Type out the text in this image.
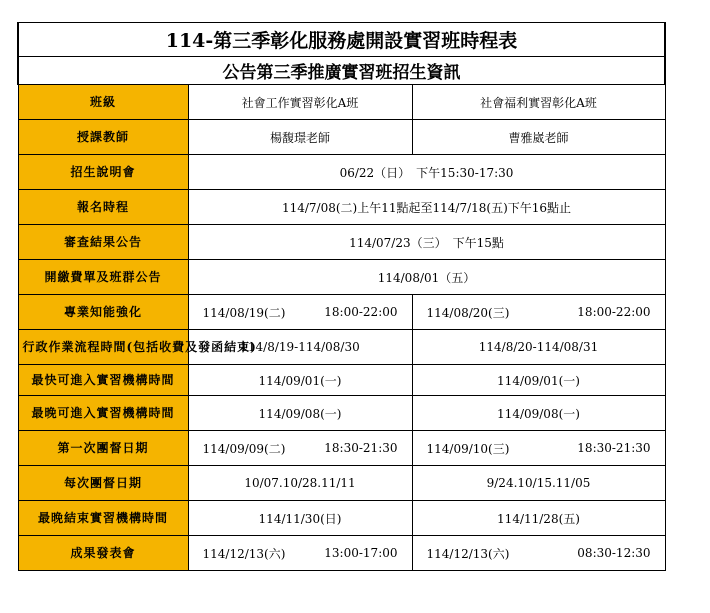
114-第三季彰化服務處開設實習班時程表		
公告第三季推廣實習班招生資訊		
班級	社會工作實習彰化A班	社會福利實習彰化A班
授課教師	楊馥璟老師	曹雅崴老師
招生說明會	06/22（日）　下午15:30-17:30	
報名時程	114/7/08(二)上午11點起至114/7/18(五)下午16點止	
審查結果公告	114/07/23（三）　下午15點	
開繳費單及班群公告	114/08/01（五）	
專業知能強化	114/08/19(二) 18:00-22:00	114/08/20(三) 18:00-22:00

行政作業流程時間(包括收費及發函結束)	114/8/19-114/08/30	114/8/20-114/08/31
最快可進入實習機構時間	114/09/01(一)	114/09/01(一)
最晚可進入實習機構時間	114/09/08(一)	114/09/08(一)
第一次團督日期	114/09/09(二) 18:30-21:30	114/09/10(三) 18:30-21:30

每次團督日期	10/07.10/28.11/11	9/24.10/15.11/05
最晚結束實習機構時間	114/11/30(日)	114/11/28(五)
成果發表會	114/12/13(六) 13:00-17:00	114/12/13(六) 08:30-12:30
